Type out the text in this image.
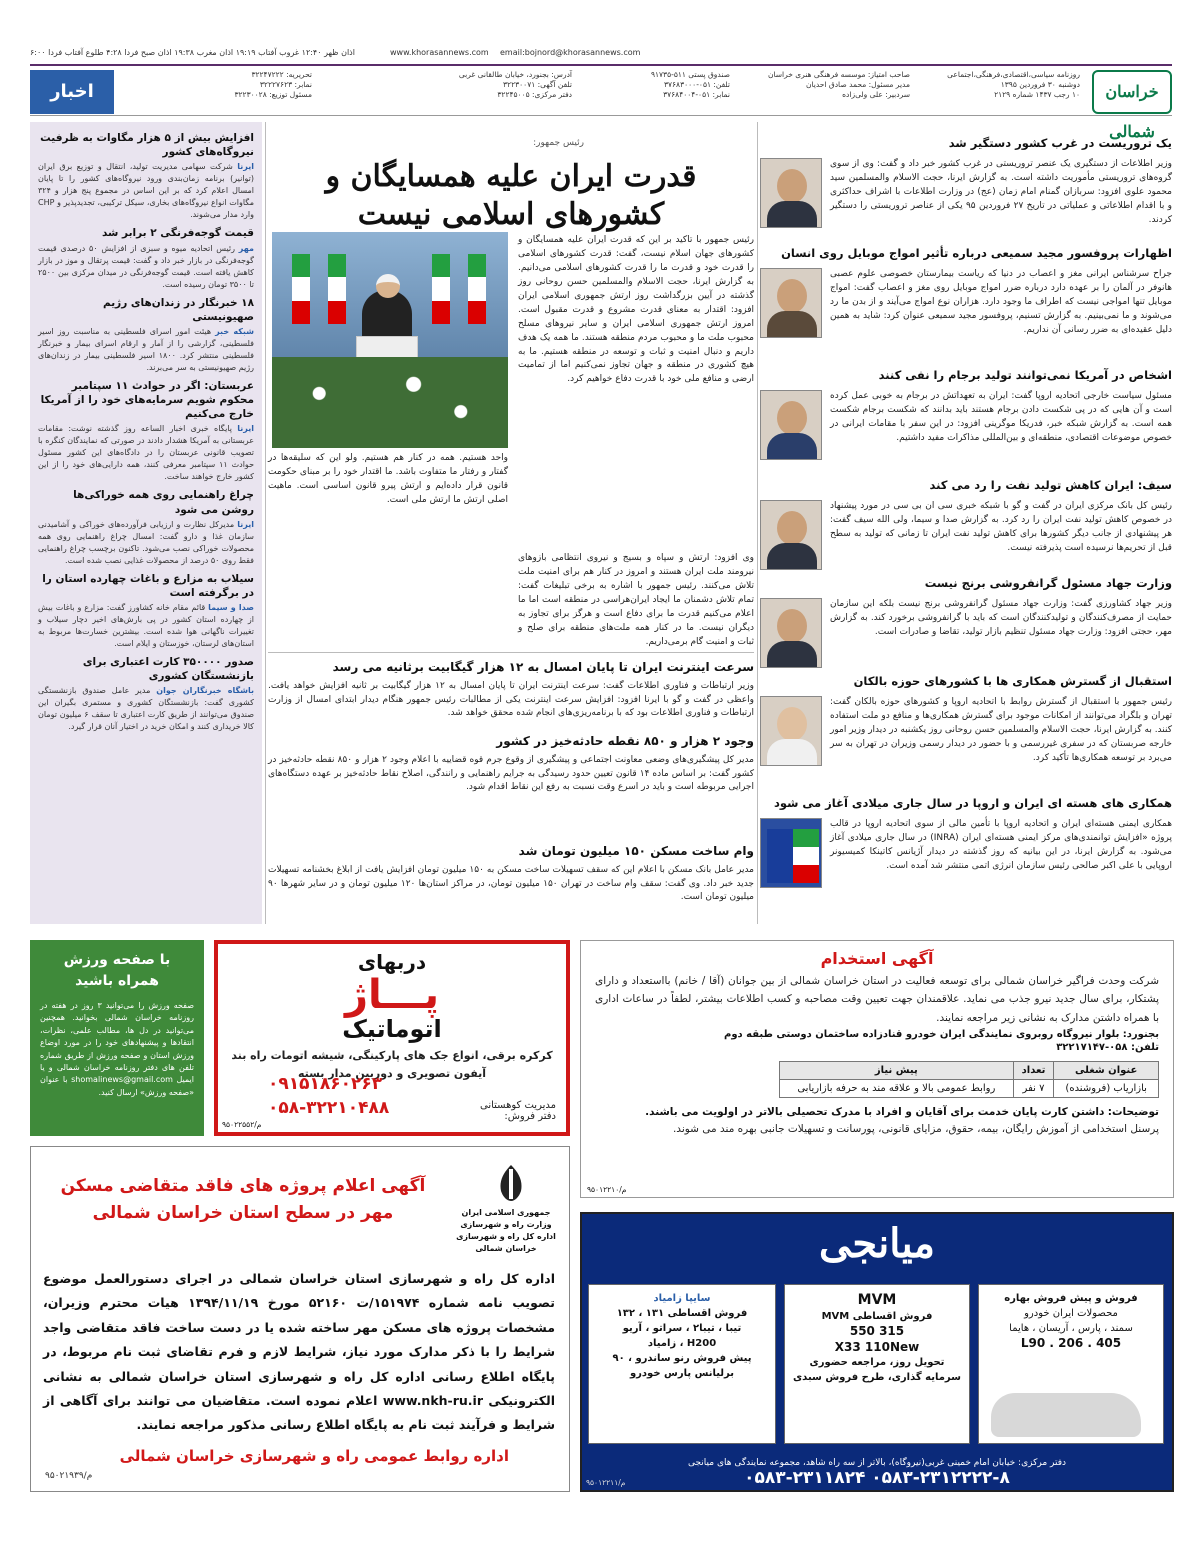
اذان ظهر ۱۲:۴۰ غروب آفتاب ۱۹:۱۹ اذان مغرب ۱۹:۳۸ اذان صبح فردا ۴:۲۸ طلوع آفتاب فردا ۶:۰۰	www.khorasannews.com email:bojnord@khorasannews.com
خراسان شمالی
روزنامه سیاسی،اقتصادی،فرهنگی،اجتماعی
دوشنبه ۳۰ فروردین ۱۳۹۵
۱۰ رجب ۱۴۳۷ شماره ۲۱۲۹
صاحب امتیاز: موسسه فرهنگی هنری خراسان
مدیر مسئول: محمد صادق احدیان
سردبیر: علی ولی‌زاده
صندوق پستی ۵۱۱-۹۱۷۳۵
تلفن: ۰۵۱-۳۷۶۸۳۰۰۰
نمابر: ۰۵۱-۳۷۶۸۴۰۰۴
آدرس: بجنورد، خیابان طالقانی غربی
تلفن آگهی: ۳۲۲۳۰۰۷۱
دفتر مرکزی: ۳۲۲۴۵۰۰۵
تحریریه: ۳۲۲۴۷۲۲۲
نمابر: ۳۲۲۲۷۶۲۳
مسئول توزیع: ۳۲۲۳۰۰۲۸
اخبار
افزایش بیش از ۵ هزار مگاوات به ظرفیت نیروگاه‌های کشور
ایرنا شرکت سهامی مدیریت تولید، انتقال و توزیع برق ایران (توانیر) برنامه زمان‌بندی ورود نیروگاه‌های کشور را تا پایان امسال اعلام کرد که بر این اساس در مجموع پنج هزار و ۳۲۴ مگاوات انواع نیروگاه‌های بخاری، سیکل ترکیبی، تجدیدپذیر و CHP وارد مدار می‌شوند.
قیمت گوجه‌فرنگی ۲ برابر شد
مهر رئیس اتحادیه میوه و سبزی از افزایش ۵۰ درصدی قیمت گوجه‌فرنگی در بازار خبر داد و گفت: قیمت پرتقال و موز در بازار کاهش یافته است. قیمت گوجه‌فرنگی در میدان مرکزی بین ۲۵۰۰ تا ۳۵۰۰ تومان رسیده است.
۱۸ خبرنگار در زندان‌های رژیم صهیونیستی
شبکه خبر هیئت امور اسرای فلسطینی به مناسبت روز اسیر فلسطینی، گزارشی را از آمار و ارقام اسرای بیمار و خبرنگار فلسطینی منتشر کرد. ۱۸۰۰ اسیر فلسطینی بیمار در زندان‌های رژیم صهیونیستی به سر می‌برند.
عربستان: اگر در حوادث ۱۱ سپتامبر محکوم شویم سرمایه‌های خود را از آمریکا خارج می‌کنیم
ایرنا پایگاه خبری اخبار الساعه روز گذشته نوشت: مقامات عربستانی به آمریکا هشدار دادند در صورتی که نمایندگان کنگره با تصویب قانونی عربستان را در دادگاه‌های این کشور مسئول حوادث ۱۱ سپتامبر معرفی کنند، همه دارایی‌های خود را از این کشور خارج خواهند ساخت.
چراغ راهنمایی روی همه خوراکی‌ها روشن می شود
ایرنا مدیرکل نظارت و ارزیابی فرآورده‌های خوراکی و آشامیدنی سازمان غذا و دارو گفت: امسال چراغ راهنمایی روی همه محصولات خوراکی نصب می‌شود. تاکنون برچسب چراغ راهنمایی فقط روی ۵۰ درصد از محصولات غذایی نصب شده است.
سیلاب به مزارع و باغات چهارده استان را در برگرفته است
صدا و سیما قائم مقام خانه کشاورز گفت: مزارع و باغات بیش از چهارده استان کشور در پی بارش‌های اخیر دچار سیلاب و تغییرات ناگهانی هوا شده است. بیشترین خسارت‌ها مربوط به استان‌های لرستان، خوزستان و ایلام است.
صدور ۳۵۰۰۰۰ کارت اعتباری برای بازنشستگان کشوری
باشگاه خبرنگاران جوان مدیر عامل صندوق بازنشستگی کشوری گفت: بازنشستگان کشوری و مستمری بگیران این صندوق می‌توانند از طریق کارت اعتباری تا سقف ۶ میلیون تومان کالا خریداری کنند و امکان خرید در اختیار آنان قرار گیرد.
رئیس جمهور:
قدرت ایران علیه همسایگان و کشورهای اسلامی نیست
رئیس جمهور با تاکید بر این که قدرت ایران علیه همسایگان و کشورهای جهان اسلام نیست، گفت: قدرت کشورهای اسلامی را قدرت خود و قدرت ما را قدرت کشورهای اسلامی می‌دانیم. به گزارش ایرنا، حجت الاسلام والمسلمین حسن روحانی روز گذشته در آیین بزرگداشت روز ارتش جمهوری اسلامی ایران افزود: اقتدار به معنای قدرت مشروع و قدرت مقبول است. امروز ارتش جمهوری اسلامی ایران و سایر نیروهای مسلح محبوب ملت ما و محبوب مردم منطقه هستند. ما همه یک هدف داریم و دنبال امنیت و ثبات و توسعه در منطقه هستیم. ما به هیچ کشوری در منطقه و جهان تجاوز نمی‌کنیم اما از تمامیت ارضی و منافع ملی خود با قدرت دفاع خواهیم کرد.
واحد هستیم. همه در کنار هم هستیم. ولو این که سلیقه‌ها در گفتار و رفتار ما متفاوت باشد. ما اقتدار خود را بر مبنای حکومت قانون قرار داده‌ایم و ارتش پیرو قانون اساسی است. ماهیت اصلی ارتش ما ارتش ملی است.
وی افزود: ارتش و سپاه و بسیج و نیروی انتظامی بازوهای نیرومند ملت ایران هستند و امروز در کنار هم برای امنیت ملت تلاش می‌کنند. رئیس جمهور با اشاره به برخی تبلیغات گفت: تمام تلاش دشمنان ما ایجاد ایران‌هراسی در منطقه است اما ما اعلام می‌کنیم قدرت ما برای دفاع است و هرگز برای تجاوز به دیگران نیست. ما در کنار همه ملت‌های منطقه برای صلح و ثبات و امنیت گام برمی‌داریم.
سرعت اینترنت ایران تا پایان امسال به ۱۲ هزار گیگابیت برثانیه می رسد
وزیر ارتباطات و فناوری اطلاعات گفت: سرعت اینترنت ایران تا پایان امسال به ۱۲ هزار گیگابیت بر ثانیه افزایش خواهد یافت. واعظی در گفت و گو با ایرنا افزود: افزایش سرعت اینترنت یکی از مطالبات رئیس جمهور هنگام دیدار ابتدای امسال از وزارت ارتباطات و فناوری اطلاعات بود که با برنامه‌ریزی‌های انجام شده محقق خواهد شد.
وجود ۲ هزار و ۸۵۰ نقطه حادثه‌خیز در کشور
مدیر کل پیشگیری‌های وضعی معاونت اجتماعی و پیشگیری از وقوع جرم قوه قضاییه با اعلام وجود ۲ هزار و ۸۵۰ نقطه حادثه‌خیز در کشور گفت: بر اساس ماده ۱۴ قانون تعیین حدود رسیدگی به جرایم راهنمایی و رانندگی، اصلاح نقاط حادثه‌خیز بر عهده دستگاه‌های اجرایی مربوطه است و باید در اسرع وقت نسبت به رفع این نقاط اقدام شود.
وام ساخت مسکن ۱۵۰ میلیون تومان شد
مدیر عامل بانک مسکن با اعلام این که سقف تسهیلات ساخت مسکن به ۱۵۰ میلیون تومان افزایش یافت از ابلاغ بخشنامه تسهیلات جدید خبر داد. وی گفت: سقف وام ساخت در تهران ۱۵۰ میلیون تومان، در مراکز استان‌ها ۱۲۰ میلیون تومان و در سایر شهرها ۹۰ میلیون تومان است.
یک تروریست در غرب کشور دستگیر شد
وزیر اطلاعات از دستگیری یک عنصر تروریستی در غرب کشور خبر داد و گفت: وی از سوی گروه‌های تروریستی مأموریت داشته است. به گزارش ایرنا، حجت الاسلام والمسلمین سید محمود علوی افزود: سربازان گمنام امام زمان (عج) در وزارت اطلاعات با اشراف حداکثری و با اقدام اطلاعاتی و عملیاتی در تاریخ ۲۷ فروردین ۹۵ یکی از عناصر تروریستی را دستگیر کردند.
اظهارات پروفسور مجید سمیعی درباره تأثیر امواج موبایل روی انسان
جراح سرشناس ایرانی مغز و اعصاب در دنیا که ریاست بیمارستان خصوصی علوم عصبی هانوفر در آلمان را بر عهده دارد درباره ضرر امواج موبایل روی مغز و اعصاب گفت: امواج موبایل تنها امواجی نیست که اطراف ما وجود دارد. هزاران نوع امواج می‌آیند و از بدن ما رد می‌شوند و ما نمی‌بینیم. به گزارش تسنیم، پروفسور مجید سمیعی عنوان کرد: شاید به همین دلیل عقیده‌ای به ضرر رسانی آن نداریم.
اشخاص در آمریکا نمی‌توانند تولید برجام را نفی کنند
مسئول سیاست خارجی اتحادیه اروپا گفت: ایران به تعهداتش در برجام به خوبی عمل کرده است و آن هایی که در پی شکست دادن برجام هستند باید بدانند که شکست برجام شکست همه است. به گزارش شبکه خبر، فدریکا موگرینی افزود: در این سفر با مقامات ایرانی در خصوص موضوعات اقتصادی، منطقه‌ای و بین‌المللی مذاکرات مفید داشتیم.
سیف: ایران کاهش تولید نفت را رد می کند
رئیس کل بانک مرکزی ایران در گفت و گو با شبکه خبری سی ان بی سی در مورد پیشنهاد در خصوص کاهش تولید نفت ایران را رد کرد. به گزارش صدا و سیما، ولی الله سیف گفت: هر پیشنهادی از جانب دیگر کشورها برای کاهش تولید نفت ایران تا زمانی که تولید به سطح قبل از تحریم‌ها نرسیده است پذیرفته نیست.
وزارت جهاد مسئول گرانفروشی برنج نیست
وزیر جهاد کشاورزی گفت: وزارت جهاد مسئول گرانفروشی برنج نیست بلکه این سازمان حمایت از مصرف‌کنندگان و تولیدکنندگان است که باید با گرانفروشی برخورد کند. به گزارش مهر، حجتی افزود: وزارت جهاد مسئول تنظیم بازار تولید، تقاضا و صادرات است.
استقبال از گسترش همکاری ها با کشورهای حوزه بالکان
رئیس جمهور با استقبال از گسترش روابط با اتحادیه اروپا و کشورهای حوزه بالکان گفت: تهران و بلگراد می‌توانند از امکانات موجود برای گسترش همکاری‌ها و منافع دو ملت استفاده کنند. به گزارش ایرنا، حجت الاسلام والمسلمین حسن روحانی روز یکشنبه در دیدار وزیر امور خارجه صربستان که در سفری غیررسمی و با حضور در دیدار رسمی وزیران در تهران به سر می‌برد بر توسعه همکاری‌ها تأکید کرد.
همکاری های هسته ای ایران و اروپا در سال جاری میلادی آغاز می شود
همکاری ایمنی هسته‌ای ایران و اتحادیه اروپا با تأمین مالی از سوی اتحادیه اروپا در قالب پروژه «افزایش توانمندی‌های مرکز ایمنی هسته‌ای ایران (INRA) در سال جاری میلادی آغاز می‌شود. به گزارش ایرنا، در این بیانیه که روز گذشته در دیدار آژیانس کاتینکا کمیسیونر اروپایی با علی اکبر صالحی رئیس سازمان انرژی اتمی منتشر شد آمده است.
با صفحه ورزش
همراه باشید
صفحه ورزش را می‌توانید ۳ روز در هفته در روزنامه خراسان شمالی بخوانید. همچنین می‌توانید در دل ها، مطالب علمی، نظرات، انتقادها و پیشنهادهای خود را در مورد اوضاع ورزش استان و صفحه ورزش از طریق شماره تلفن های دفتر روزنامه خراسان شمالی و یا ایمیل shomalinews@gmail.com با عنوان «صفحه ورزش» ارسال کنید.
دربهای
پـــاژ
اتوماتیک
کرکره برقی، انواع جک های پارکینگی، شیشه اتومات راه بند
آیفون تصویری و دوربین مدار بسته
۰۹۱۵۱۸۶۰۲۶۳
۰۵۸-۳۲۲۱۰۴۸۸	مدیریت کوهستانی
دفتر فروش:
م/۹۵۰۲۲۵۵۲
آگهی استخدام
شرکت وحدت فراگیر خراسان شمالی برای توسعه فعالیت در استان خراسان شمالی از بین جوانان (آقا / خانم) بااستعداد و دارای پشتکار، برای سال جدید نیرو جذب می نماید. علاقمندان جهت تعیین وقت مصاحبه و کسب اطلاعات بیشتر، لطفاً در ساعات اداری با همراه داشتن مدارک به نشانی زیر مراجعه نمایند.
بجنورد: بلوار نیروگاه روبروی نمایندگی ایران خودرو قنادزاده ساختمان دوستی طبقه دوم
تلفن: ۰۵۸-۳۲۲۱۷۱۴۷
عنوان شغلی	تعداد	پیش نیاز
بازاریاب (فروشنده)	۷ نفر	روابط عمومی بالا و علاقه مند به حرفه بازاریابی
توضیحات: داشتن کارت پایان خدمت برای آقایان و افراد با مدرک تحصیلی بالاتر در اولویت می باشند.
پرسنل استخدامی از آموزش رایگان، بیمه، حقوق، مزایای قانونی، پورسانت و تسهیلات جانبی بهره مند می شوند.
م/۹۵۰۱۲۲۱۰
جمهوری اسلامی ایران
وزارت راه و شهرسازی
اداره کل راه و شهرسازی خراسان شمالی
آگهی اعلام پروژه های فاقد متقاضی مسکن مهر در سطح استان خراسان شمالی
اداره کل راه و شهرسازی استان خراسان شمالی در اجرای دستورالعمل موضوع تصویب نامه شماره ۱۵۱۹۷۴/ت ۵۲۱۶۰ مورخ ۱۳۹۴/۱۱/۱۹ هیات محترم وزیران، مشخصات پروژه های مسکن مهر ساخته شده یا در دست ساخت فاقد متقاضی واجد شرایط را با ذکر مدارک مورد نیاز، شرایط لازم و فرم تقاضای ثبت نام مربوط، در پایگاه اطلاع رسانی اداره کل راه و شهرسازی استان خراسان شمالی به نشانی الکترونیکی www.nkh-ru.ir اعلام نموده است. متقاضیان می توانند برای آگاهی از شرایط و فرآیند ثبت نام به پایگاه اطلاع رسانی مذکور مراجعه نمایند.
اداره روابط عمومی راه و شهرسازی خراسان شمالی
م/۹۵۰۲۱۹۳۹
میانجی
فروش و پیش فروش بهاره
محصولات ایران خودرو
سمند ، پارس ، آریسان ، هایما
L90 . 206 . 405
MVM
فروش اقساطی MVM
550 315
X33 110New
تحویل روز، مراجعه حضوری
سرمایه گذاری، طرح فروش سبدی
سایپا زامیاد
فروش اقساطی ۱۳۱ ، ۱۳۲
تیبا ، تیبا۲ ، سراتو ، آریو
H200 ، زامیاد
پیش فروش رنو ساندرو ، ۹۰
برلیانس پارس خودرو
دفتر مرکزی: خیابان امام خمینی غربی(نیروگاه)، بالاتر از سه راه شاهد، مجموعه نمایندگی های میانجی
۰۵۸۳-۲۳۱۱۸۲۴ ۰۵۸۳-۲۳۱۲۲۲۲-۸
م/۹۵۰۱۲۲۱۱
